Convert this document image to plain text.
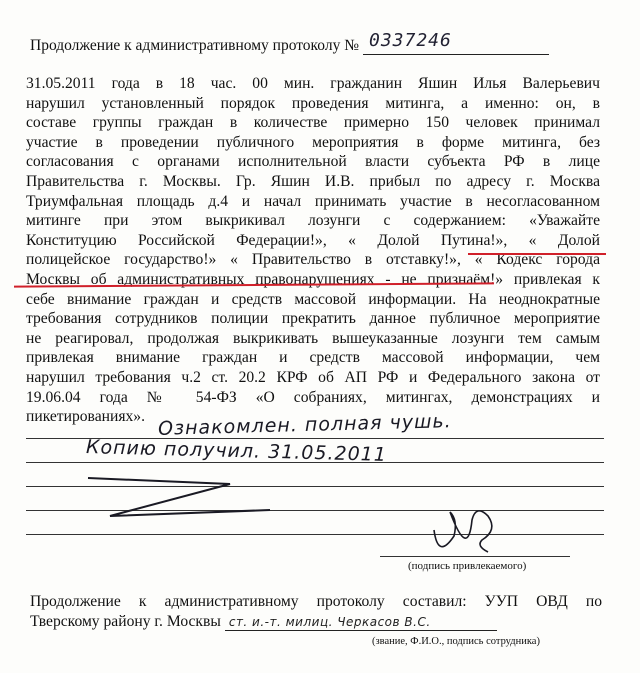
Продолжение к административному протоколу № 0337246
31.05.2011 года в 18 час. 00 мин. гражданин Яшин Илья Валерьевич
нарушил установленный порядок проведения митинга, а именно: он, в
составе группы граждан в количестве примерно 150 человек принимал
участие в проведении публичного мероприятия в форме митинга, без
согласования с органами исполнительной власти субъекта РФ в лице
Правительства г. Москвы. Гр. Яшин И.В. прибыл по адресу г. Москва
Триумфальная площадь д.4 и начал принимать участие в несогласованном
митинге при этом выкрикивал лозунги с содержанием: «Уважайте
Конституцию Российской Федерации!», « Долой Путина!», « Долой
полицейское государство!» « Правительство в отставку!», « Кодекс города
Москвы об административных правонарушениях - не признаём!» привлекая к
себе внимание граждан и средств массовой информации. На неоднократные
требования сотрудников полиции прекратить данное публичное мероприятие
не реагировал, продолжая выкрикивать вышеуказанные лозунги тем самым
привлекая внимание граждан и средств массовой информации, чем
нарушил требования ч.2 ст. 20.2 КРФ об АП РФ и Федерального закона от
19.06.04 года № 54-ФЗ «О собраниях, митингах, демонстрациях и
пикетированиях». Ознакомлен. полная чушь.
Копию получил. 31.05.2011
(подпись привлекаемого)
Продолжение к административному протоколу составил: УУП ОВД по
Тверскому району г. Москвы ст. и.-т. милиц. Черкасов В.С.
(звание, Ф.И.О., подпись сотрудника)
